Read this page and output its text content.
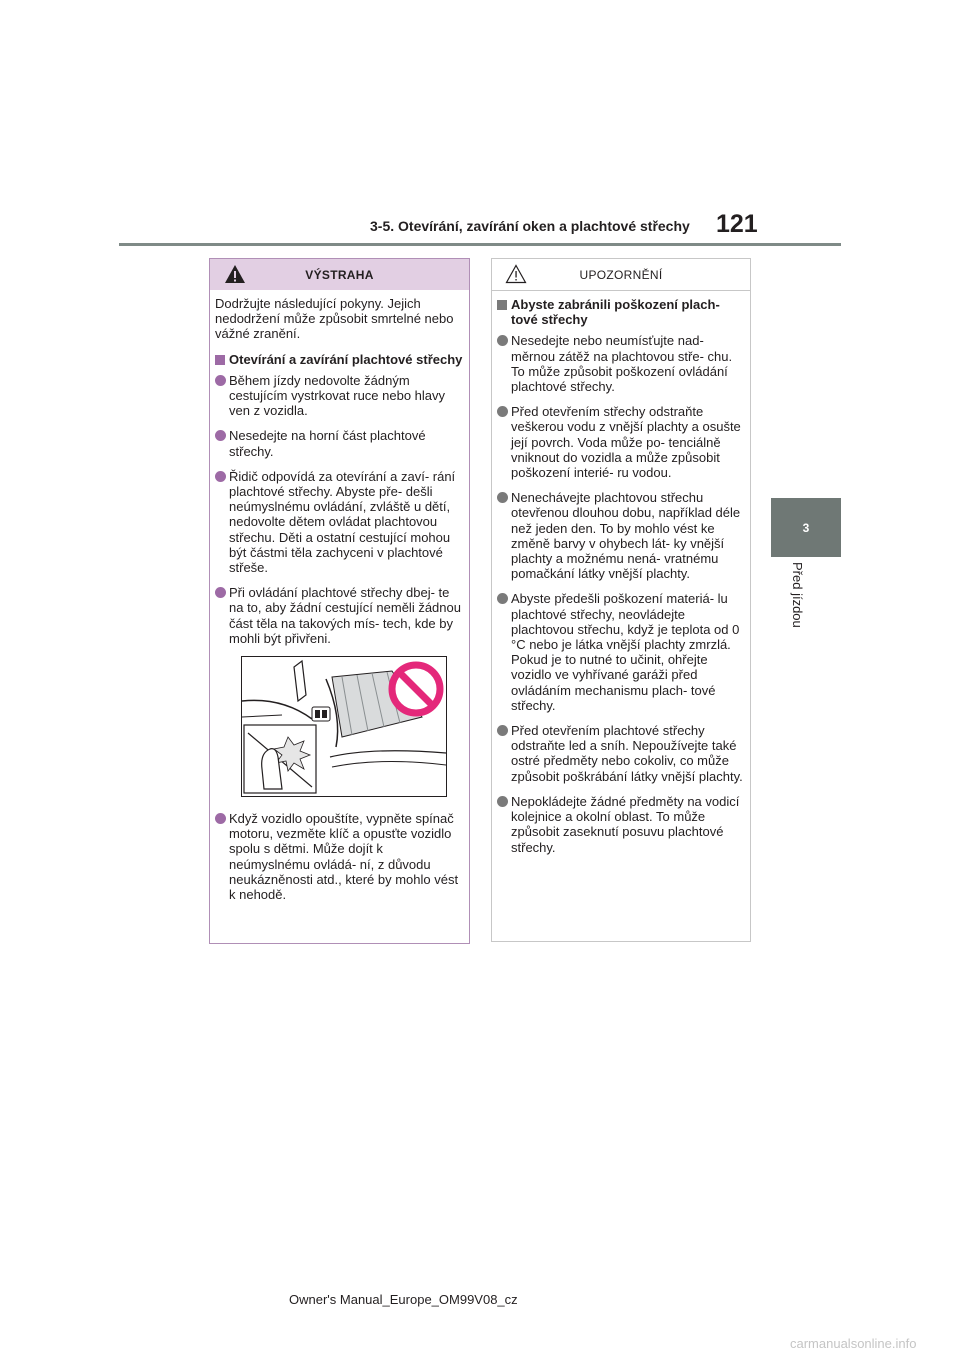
3-5. Otevírání, zavírání oken a plachtové střechy	121
3
Před jízdou
VÝSTRAHA

Dodržujte následující pokyny. Jejich nedodržení může způsobit smrtelné nebo vážné zranění.

Otevírání a zavírání plachtové střechy
Během jízdy nedovolte žádným cestujícím vystrkovat ruce nebo hlavy ven z vozidla.
Nesedejte na horní část plachtové střechy.
Řidič odpovídá za otevírání a zaví- rání plachtové střechy. Abyste pře- dešli neúmyslnému ovládání, zvláště u dětí, nedovolte dětem ovládat plachtovou střechu. Děti a ostatní cestující mohou být částmi těla zachyceni v plachtové střeše.
Při ovládání plachtové střechy dbej- te na to, aby žádní cestující neměli žádnou část těla na takových mís- tech, kde by mohli být přivřeni.
Když vozidlo opouštíte, vypněte spínač motoru, vezměte klíč a opusťte vozidlo spolu s dětmi. Může dojít k neúmyslnému ovládá- ní, z důvodu neukázněnosti atd., které by mohlo vést k nehodě.
UPOZORNĚNÍ
Abyste zabránili poškození plach- tové střechy
Nesedejte nebo neumísťujte nad- měrnou zátěž na plachtovou stře- chu. To může způsobit poškození ovládání plachtové střechy.
Před otevřením střechy odstraňte veškerou vodu z vnější plachty a osušte její povrch. Voda může po- tenciálně vniknout do vozidla a může způsobit poškození interié- ru vodou.
Nenechávejte plachtovou střechu otevřenou dlouhou dobu, například déle než jeden den. To by mohlo vést ke změně barvy v ohybech lát- ky vnější plachty a možnému nená- vratnému pomačkání látky vnější plachty.
Abyste předešli poškození materiá- lu plachtové střechy, neovládejte plachtovou střechu, když je teplota od 0 °C nebo je látka vnější plachty zmrzlá. Pokud je to nutné to učinit, ohřejte vozidlo ve vyhřívané garáži před ovládáním mechanismu plach- tové střechy.
Před otevřením plachtové střechy odstraňte led a sníh. Nepoužívejte také ostré předměty nebo cokoliv, co může způsobit poškrábání látky vnější plachty.
Nepokládejte žádné předměty na vodicí kolejnice a okolní oblast. To může způsobit zaseknutí posuvu plachtové střechy.
Owner's Manual_Europe_OM99V08_cz
carmanualsonline.info
